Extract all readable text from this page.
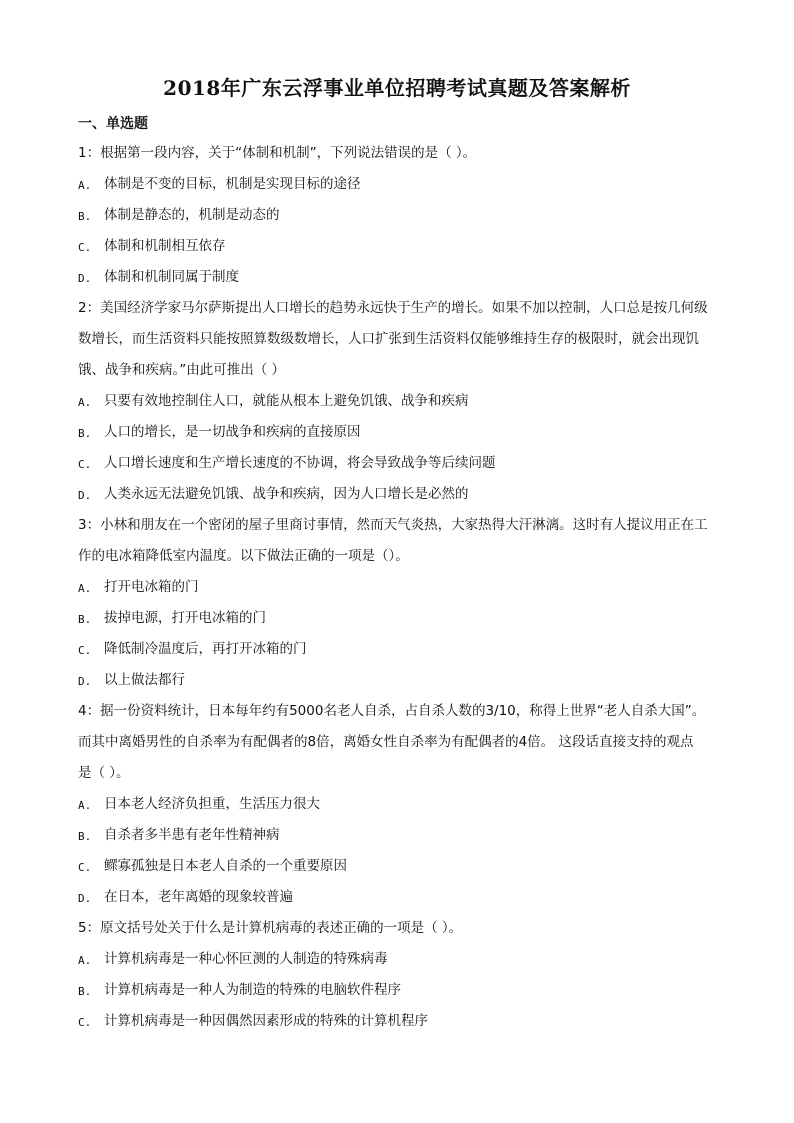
2018年广东云浮事业单位招聘考试真题及答案解析
一、单选题
1：根据第一段内容，关于“体制和机制”，下列说法错误的是（ ）。
A. 体制是不变的目标，机制是实现目标的途径
B. 体制是静态的，机制是动态的
C. 体制和机制相互依存
D. 体制和机制同属于制度
2：美国经济学家马尔萨斯提出人口增长的趋势永远快于生产的增长。如果不加以控制，人口总是按几何级
数增长，而生活资料只能按照算数级数增长，人口扩张到生活资料仅能够维持生存的极限时，就会出现饥
饿、战争和疾病。”由此可推出（ ）
A. 只要有效地控制住人口，就能从根本上避免饥饿、战争和疾病
B. 人口的增长，是一切战争和疾病的直接原因
C. 人口增长速度和生产增长速度的不协调，将会导致战争等后续问题
D. 人类永远无法避免饥饿、战争和疾病，因为人口增长是必然的
3：小林和朋友在一个密闭的屋子里商讨事情，然而天气炎热，大家热得大汗淋漓。这时有人提议用正在工
作的电冰箱降低室内温度。以下做法正确的一项是（）。
A. 打开电冰箱的门
B. 拔掉电源，打开电冰箱的门
C. 降低制冷温度后，再打开冰箱的门
D. 以上做法都行
4：据一份资料统计，日本每年约有5000名老人自杀，占自杀人数的3/10，称得上世界“老人自杀大国”。
而其中离婚男性的自杀率为有配偶者的8倍，离婚女性自杀率为有配偶者的4倍。 这段话直接支持的观点
是（ ）。
A. 日本老人经济负担重，生活压力很大
B. 自杀者多半患有老年性精神病
C. 鳏寡孤独是日本老人自杀的一个重要原因
D. 在日本，老年离婚的现象较普遍
5：原文括号处关于什么是计算机病毒的表述正确的一项是（ ）。
A. 计算机病毒是一种心怀叵测的人制造的特殊病毒
B. 计算机病毒是一种人为制造的特殊的电脑软件程序
C. 计算机病毒是一种因偶然因素形成的特殊的计算机程序
